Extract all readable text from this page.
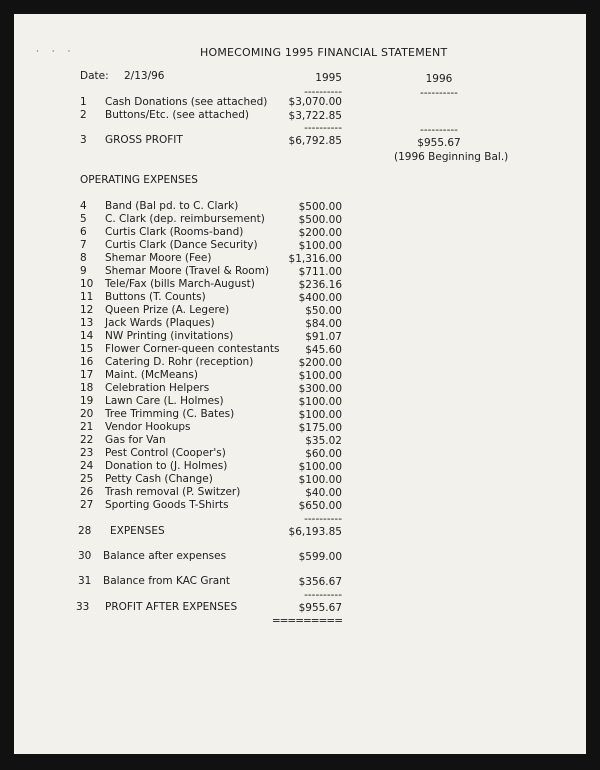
· · ·	HOMECOMING 1995 FINANCIAL STATEMENT
Date: 2/13/96	1995	1996
----------	----------
1 Cash Donations (see attached)	$3,070.00
2 Buttons/Etc. (see attached)	$3,722.85
----------	----------
3 GROSS PROFIT	$6,792.85	$955.67
(1996 Beginning Bal.)
OPERATING EXPENSES
4 Band (Bal pd. to C. Clark)	$500.00
5 C. Clark (dep. reimbursement)	$500.00
6 Curtis Clark (Rooms-band)	$200.00
7 Curtis Clark (Dance Security)	$100.00
8 Shemar Moore (Fee)	$1,316.00
9 Shemar Moore (Travel & Room)	$711.00
10 Tele/Fax (bills March-August)	$236.16
11 Buttons (T. Counts)	$400.00
12 Queen Prize (A. Legere)	$50.00
13 Jack Wards (Plaques)	$84.00
14 NW Printing (invitations)	$91.07
15 Flower Corner-queen contestants	$45.60
16 Catering D. Rohr (reception)	$200.00
17 Maint. (McMeans)	$100.00
18 Celebration Helpers	$300.00
19 Lawn Care (L. Holmes)	$100.00
20 Tree Trimming (C. Bates)	$100.00
21 Vendor Hookups	$175.00
22 Gas for Van	$35.02
23 Pest Control (Cooper's)	$60.00
24 Donation to (J. Holmes)	$100.00
25 Petty Cash (Change)	$100.00
26 Trash removal (P. Switzer)	$40.00
27 Sporting Goods T-Shirts	$650.00
----------
28 EXPENSES	$6,193.85
30 Balance after expenses	$599.00
31 Balance from KAC Grant	$356.67
----------
33 PROFIT AFTER EXPENSES	$955.67
=========
